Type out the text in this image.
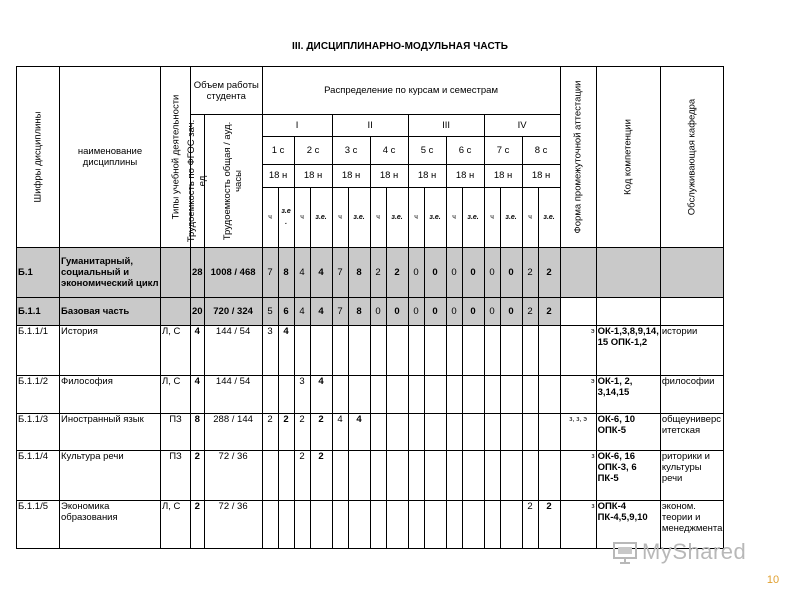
III. ДИСЦИПЛИНАРНО-МОДУЛЬНАЯ ЧАСТЬ
Шифры дисциплины	наименование дисциплины	Типы учебной деятельности	Объем работы студента		Распределение по курсам и семестрам																Форма промежуточной аттестации	Код компетенции	Обслуживающая кафедра

			Трудоемкость по ФГОС зач. ед	Трудоемкость общая / ауд. часы	I				II				III				IV						
					1 с		2 с		3 с		4 с		5 с		6 с		7 с		8 с				
					18 н		18 н		18 н		18 н		18 н		18 н		18 н		18 н				
					ч	з.е .	ч	з.е.	ч	з.е.	ч	з.е.	ч	з.е.	ч	з.е.	ч	з.е.	ч	з.е.			
Б.1	Гуманитарный, социальный и экономический цикл		28	1008 / 468	7	8	4	4	7	8	2	2	0	0	0	0	0	0	2	2			
Б.1.1	Базовая часть		20	720 / 324	5	6	4	4	7	8	0	0	0	0	0	0	0	0	2	2			
Б.1.1/1	История	Л, С	4	144 / 54	3	4															э	ОК-1,3,8,9,14, 15 ОПК-1,2	истории
Б.1.1/2	Философия	Л, С	4	144 / 54			3	4													э	ОК-1, 2, 3,14,15	философии
Б.1.1/3	Иностранный язык	ПЗ	8	288 / 144	2	2	2	2	4	4											з, з, э	ОК-6, 10 ОПК-5	общеуниверситетская
Б.1.1/4	Культура речи	ПЗ	2	72 / 36			2	2													з	ОК-6, 16 ОПК-3, 6 ПК-5	риторики и культуры речи
Б.1.1/5	Экономика образования	Л, С	2	72 / 36															2	2	з	ОПК-4 ПК-4,5,9,10	эконом. теории и менеджмента
MyShared
10
